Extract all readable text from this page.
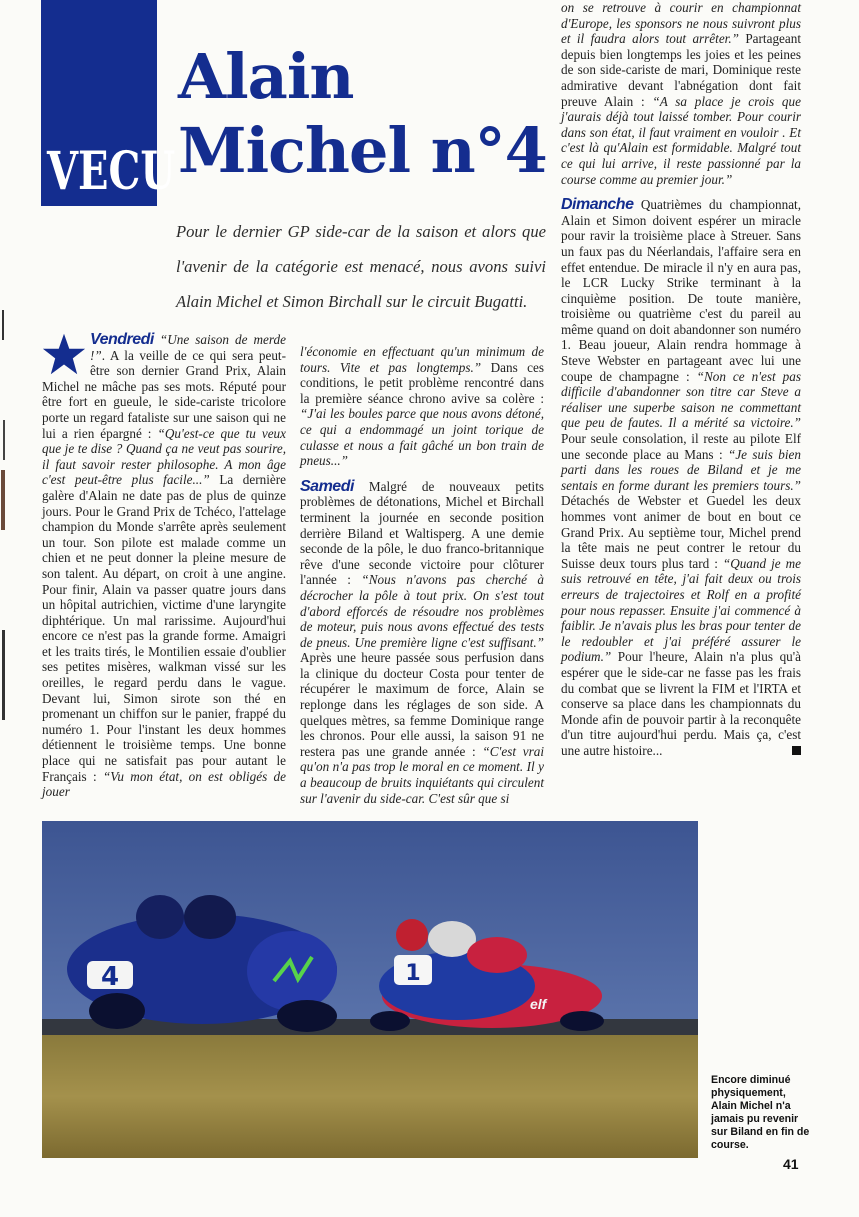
V E C U
Alain
Michel n°4
Pour le dernier GP side-car de la saison et alors que l'avenir de la catégorie est menacé, nous avons suivi Alain Michel et Simon Birchall sur le circuit Bugatti.

Vendredi “Une saison de merde !”. A la veille de ce qui sera peut-être son dernier Grand Prix, Alain Michel ne mâche pas ses mots. Réputé pour être fort en gueule, le side-cariste tricolore porte un regard fataliste sur une saison qui ne lui a rien épargné : “Qu'est-ce que tu veux que je te dise ? Quand ça ne veut pas sourire, il faut savoir rester philosophe. A mon âge c'est peut-être plus facile...” La dernière galère d'Alain ne date pas de plus de quinze jours. Pour le Grand Prix de Tchéco, l'attelage champion du Monde s'arrête après seulement un tour. Son pilote est malade comme un chien et ne peut donner la pleine mesure de son talent. Au départ, on croit à une angine. Pour finir, Alain va passer quatre jours dans un hôpital autrichien, victime d'une laryngite diphtérique. Un mal rarissime. Aujourd'hui encore ce n'est pas la grande forme. Amaigri et les traits tirés, le Montilien essaie d'oublier ses petites misères, walkman vissé sur les oreilles, le regard perdu dans le vague. Devant lui, Simon sirote son thé en promenant un chiffon sur le panier, frappé du numéro 1. Pour l'instant les deux hommes détiennent le troisième temps. Une bonne place qui ne satisfait pas pour autant le Français : “Vu mon état, on est obligés de jouer

l'économie en effectuant qu'un minimum de tours. Vite et pas longtemps.” Dans ces conditions, le petit problème rencontré dans la première séance chrono avive sa colère : “J'ai les boules parce que nous avons détoné, ce qui a endommagé un joint torique de culasse et nous a fait gâché un bon train de pneus...”

Samedi Malgré de nouveaux petits problèmes de détonations, Michel et Birchall terminent la journée en seconde position derrière Biland et Waltisperg. A une demie seconde de la pôle, le duo franco-britannique rêve d'une seconde victoire pour clôturer l'année : “Nous n'avons pas cherché à décrocher la pôle à tout prix. On s'est tout d'abord efforcés de résoudre nos problèmes de moteur, puis nous avons effectué des tests de pneus. Une première ligne c'est suffisant.” Après une heure passée sous perfusion dans la clinique du docteur Costa pour tenter de récupérer le maximum de force, Alain se replonge dans les réglages de son side. A quelques mètres, sa femme Dominique range les chronos. Pour elle aussi, la saison 91 ne restera pas une grande année : “C'est vrai qu'on n'a pas trop le moral en ce moment. Il y a beaucoup de bruits inquiétants qui circulent sur l'avenir du side-car. C'est sûr que si

on se retrouve à courir en championnat d'Europe, les sponsors ne nous suivront plus et il faudra alors tout arrêter.” Partageant depuis bien longtemps les joies et les peines de son side-cariste de mari, Dominique reste admirative devant l'abnégation dont fait preuve Alain : “A sa place je crois que j'aurais déjà tout laissé tomber. Pour courir dans son état, il faut vraiment en vouloir . Et c'est là qu'Alain est formidable. Malgré tout ce qui lui arrive, il reste passionné par la course comme au premier jour.”

Dimanche Quatrièmes du championnat, Alain et Simon doivent espérer un miracle pour ravir la troisième place à Streuer. Sans un faux pas du Néerlandais, l'affaire sera en effet entendue. De miracle il n'y en aura pas, le LCR Lucky Strike terminant à la cinquième position. De toute manière, troisième ou quatrième c'est du pareil au même quand on doit abandonner son numéro 1. Beau joueur, Alain rendra hommage à Steve Webster en partageant avec lui une coupe de champagne : “Non ce n'est pas difficile d'abandonner son titre car Steve a réaliser une superbe saison ne commettant que peu de fautes. Il a mérité sa victoire.” Pour seule consolation, il reste au pilote Elf une seconde place au Mans : “Je suis bien parti dans les roues de Biland et je me sentais en forme durant les premiers tours.” Détachés de Webster et Guedel les deux hommes vont animer de bout en bout ce Grand Prix. Au septième tour, Michel prend la tête mais ne peut contrer le retour du Suisse deux tours plus tard : “Quand je me suis retrouvé en tête, j'ai fait deux ou trois erreurs de trajectoires et Rolf en a profité pour nous repasser. Ensuite j'ai commencé à faiblir. Je n'avais plus les bras pour tenter de le redoubler et j'ai préféré assurer le podium.” Pour l'heure, Alain n'a plus qu'à espérer que le side-car ne fasse pas les frais du combat que se livrent la FIM et l'IRTA et conserve sa place dans les championnats du Monde afin de pouvoir partir à la reconquête d'un titre aujourd'hui perdu. Mais ça, c'est une autre histoire...

4	1
elf
Encore diminué physiquement, Alain Michel n'a jamais pu revenir sur Biland en fin de course.
41
